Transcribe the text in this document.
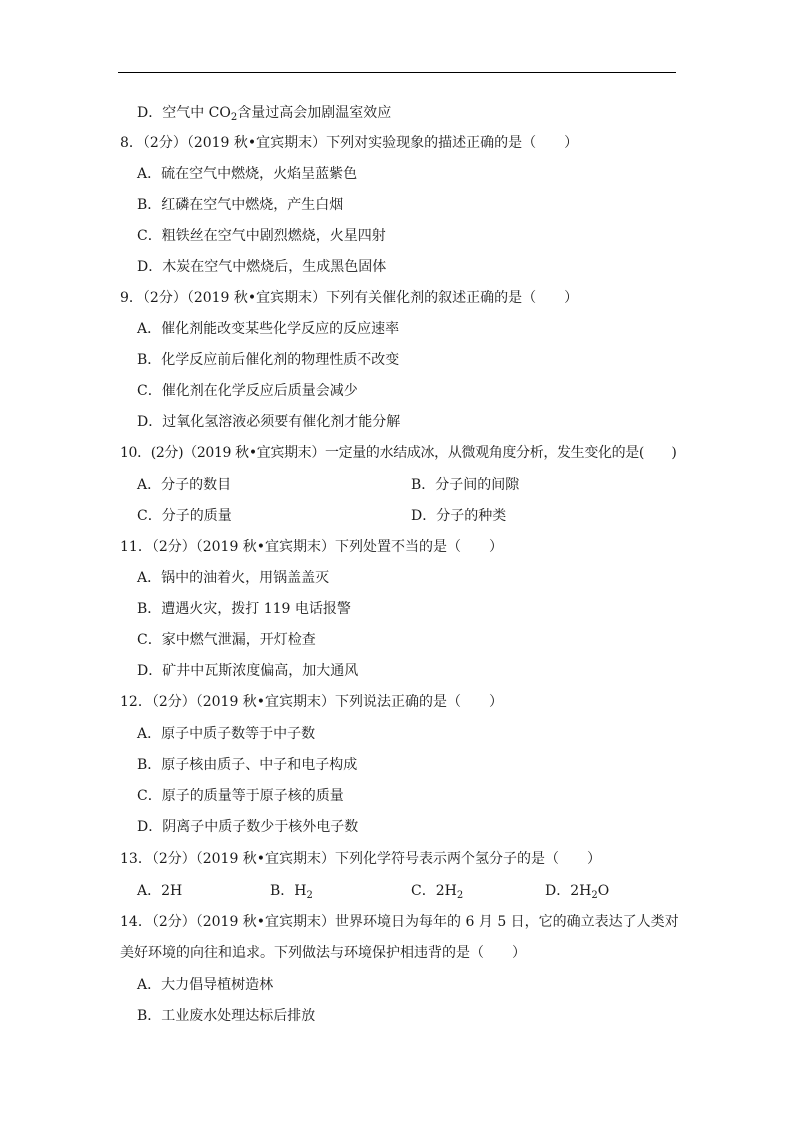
D．空气中 $CO_2$含量过高会加剧温室效应
8．（2分）（2019 秋•宜宾期末）下列对实验现象的描述正确的是（　　）
A．硫在空气中燃烧，火焰呈蓝紫色
B．红磷在空气中燃烧，产生白烟
C．粗铁丝在空气中剧烈燃烧，火星四射
D．木炭在空气中燃烧后，生成黑色固体
9．（2分）（2019 秋•宜宾期末）下列有关催化剂的叙述正确的是（　　）
A．催化剂能改变某些化学反应的反应速率
B．化学反应前后催化剂的物理性质不改变
C．催化剂在化学反应后质量会减少
D．过氧化氢溶液必须要有催化剂才能分解
10．(2分)（2019 秋•宜宾期末）一定量的水结成冰，从微观角度分析，发生变化的是(　　)
A．分子的数目	B．分子间的间隙
C．分子的质量	D．分子的种类
11．（2分）（2019 秋•宜宾期末）下列处置不当的是（　　）
A．锅中的油着火，用锅盖盖灭
B．遭遇火灾，拨打 119 电话报警
C．家中燃气泄漏，开灯检查
D．矿井中瓦斯浓度偏高，加大通风
12．（2分）（2019 秋•宜宾期末）下列说法正确的是（　　）
A．原子中质子数等于中子数
B．原子核由质子、中子和电子构成
C．原子的质量等于原子核的质量
D．阴离子中质子数少于核外电子数
13．（2分）（2019 秋•宜宾期末）下列化学符号表示两个氢分子的是（　　）
A．2H	B．$H_2$	C．$2H_2$	D．$2H_2O$
14．（2分）（2019 秋•宜宾期末）世界环境日为每年的 6 月 5 日，它的确立表达了人类对
美好环境的向往和追求。下列做法与环境保护相违背的是（　　）
A．大力倡导植树造林
B．工业废水处理达标后排放
